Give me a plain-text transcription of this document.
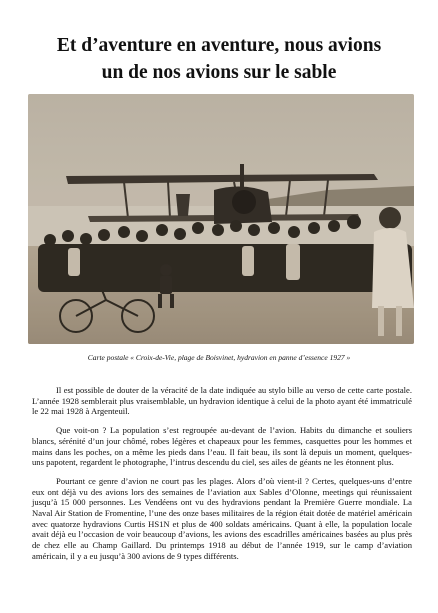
Et d’aventure en aventure, nous avions
un de nos avions sur le sable

Carte postale « Croix-de-Vie, plage de Boisvinet, hydravion en panne d’essence 1927 »

Il est possible de douter de la véracité de la date indiquée au stylo bille au verso de cette carte postale. L’année 1928 semblerait plus vraisemblable, un hydravion identique à celui de la photo ayant été immatriculé le 22 mai 1928 à Argenteuil.

Que voit-on ? La population s’est regroupée au-devant de l’avion. Habits du dimanche et souliers blancs, sérénité d’un jour chômé, robes légères et chapeaux pour les femmes, casquettes pour les hommes et mains dans les poches, on a même les pieds dans l’eau. Il fait beau, ils sont là depuis un moment, quelques-uns papotent, regardent le photographe, l’intrus descendu du ciel, ses ailes de géants ne les étonnent plus.

Pourtant ce genre d’avion ne court pas les plages. Alors d’où vient-il ? Certes, quelques-uns d’entre eux ont déjà vu des avions lors des semaines de l’aviation aux Sables d’Olonne, meetings qui réunissaient jusqu’à 15 000 personnes. Les Vendéens ont vu des hydravions pendant la Première Guerre mondiale. La Naval Air Station de Fromentine, l’une des onze bases militaires de la région était dotée de matériel américain avec quatorze hydravions Curtis HS1N et plus de 400 soldats américains. Quant à elle, la population locale avait déjà eu l’occasion de voir beaucoup d’avions, les avions des escadrilles américaines basées au plus près de chez elle au Champ Gaillard. Du printemps 1918 au début de l’année 1919, sur le camp d’aviation américain, il y a eu jusqu’à 300 avions de 9 types différents.
